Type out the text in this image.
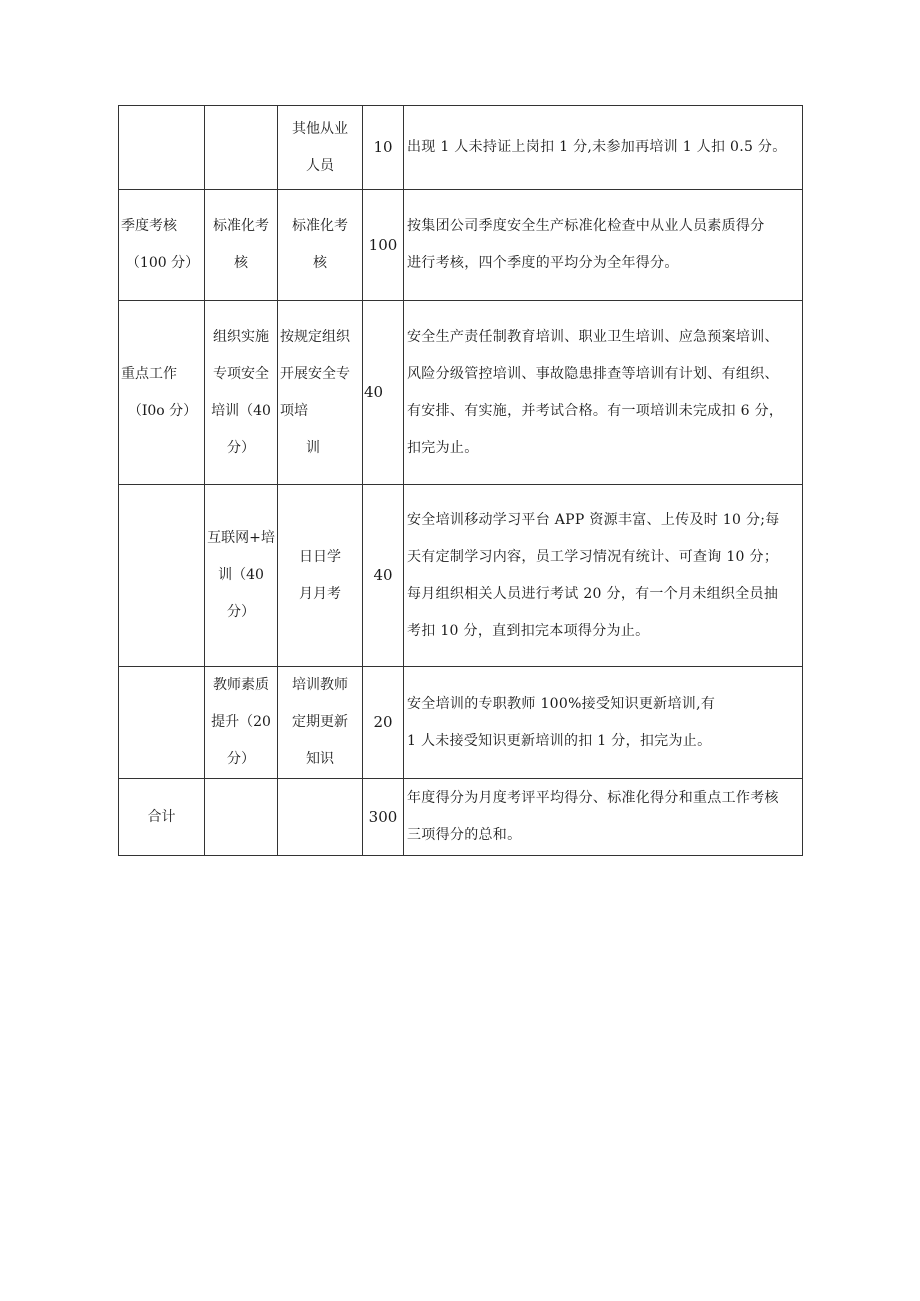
		其他从业
人员	10	出现 1 人未持证上岗扣 1 分,未参加再培训 1 人扣 0.5 分。

季度考核
（100 分）	标准化考
核	标准化考
核	100	按集团公司季度安全生产标准化检查中从业人员素质得分
进行考核，四个季度的平均分为全年得分。

重点工作
（I0o 分）	组织实施
专项安全
培训（40
分）	按规定组织
开展安全专
项培
训	40	安全生产责任制教育培训、职业卫生培训、应急预案培训、
风险分级管控培训、事故隐患排查等培训有计划、有组织、
有安排、有实施，并考试合格。有一项培训未完成扣 6 分，
扣完为止。

	互联网+培
训（40
分）	日日学
月月考	40	安全培训移动学习平台 APP 资源丰富、上传及时 10 分;每
天有定制学习内容，员工学习情况有统计、可查询 10 分；
每月组织相关人员进行考试 20 分，有一个月未组织全员抽
考扣 10 分，直到扣完本项得分为止。

	教师素质
提升（20
分）	培训教师
定期更新
知识	20	安全培训的专职教师 100%接受知识更新培训,有
1 人未接受知识更新培训的扣 1 分，扣完为止。

合计			300	年度得分为月度考评平均得分、标准化得分和重点工作考核
三项得分的总和。
